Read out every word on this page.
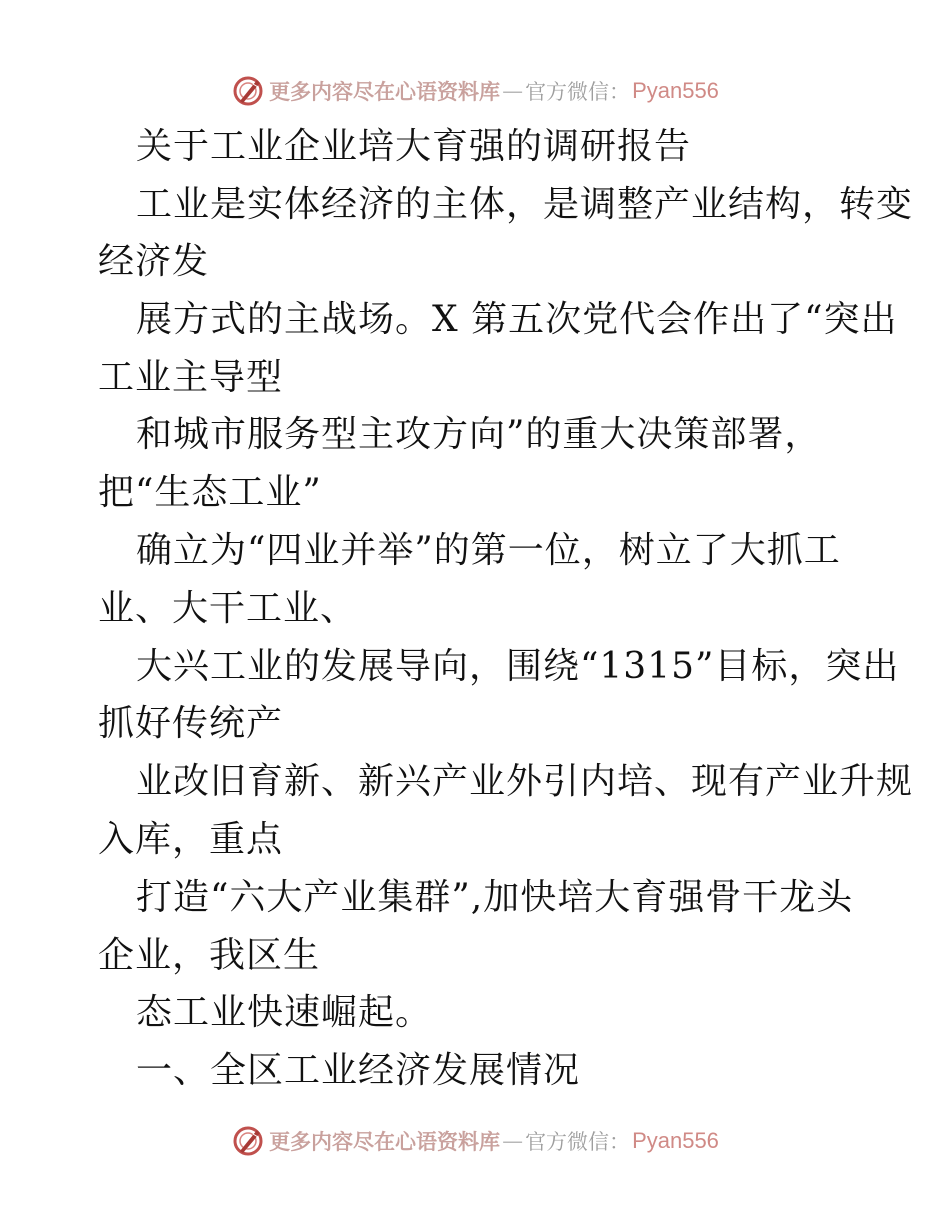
更多内容尽在心语资料库 — 官方微信： Pyan556
关于工业企业培大育强的调研报告
工业是实体经济的主体，是调整产业结构，转变
经济发
展方式的主战场。X 第五次党代会作出了“突出
工业主导型
和城市服务型主攻方向”的重大决策部署，
把“生态工业”
确立为“四业并举”的第一位，树立了大抓工
业、大干工业、
大兴工业的发展导向，围绕“1315”目标，突出
抓好传统产
业改旧育新、新兴产业外引内培、现有产业升规
入库，重点
打造“六大产业集群”,加快培大育强骨干龙头
企业，我区生
态工业快速崛起。
一、全区工业经济发展情况
更多内容尽在心语资料库 — 官方微信： Pyan556
